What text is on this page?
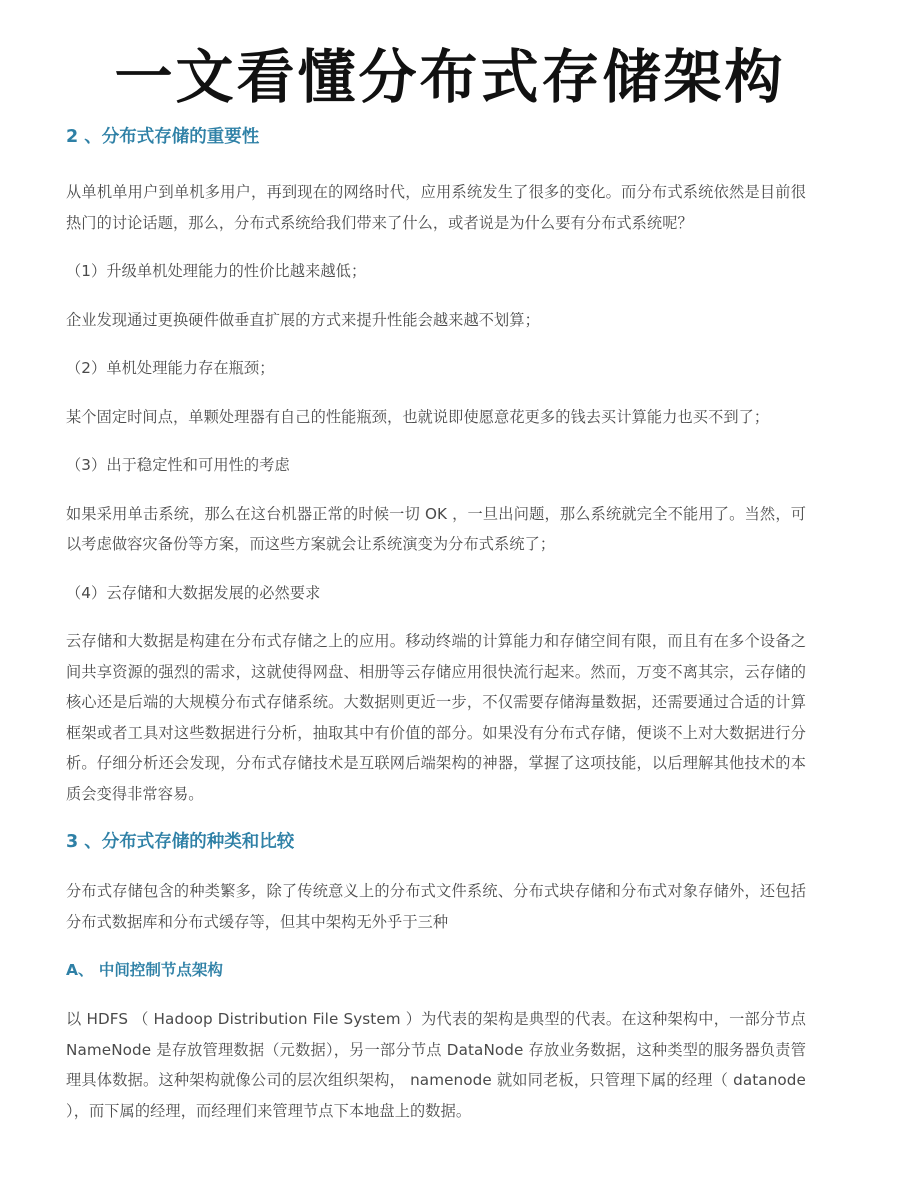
一文看懂分布式存储架构
2 、分布式存储的重要性

从单机单用户到单机多用户，再到现在的网络时代，应用系统发生了很多的变化。而分布式系统依然是目前很热门的讨论话题，那么，分布式系统给我们带来了什么，或者说是为什么要有分布式系统呢？

（1）升级单机处理能力的性价比越来越低；

企业发现通过更换硬件做垂直扩展的方式来提升性能会越来越不划算；

（2）单机处理能力存在瓶颈；

某个固定时间点，单颗处理器有自己的性能瓶颈，也就说即使愿意花更多的钱去买计算能力也买不到了；

（3）出于稳定性和可用性的考虑

如果采用单击系统，那么在这台机器正常的时候一切 OK ，一旦出问题，那么系统就完全不能用了。当然，可以考虑做容灾备份等方案，而这些方案就会让系统演变为分布式系统了；

（4）云存储和大数据发展的必然要求

云存储和大数据是构建在分布式存储之上的应用。移动终端的计算能力和存储空间有限，而且有在多个设备之间共享资源的强烈的需求，这就使得网盘、相册等云存储应用很快流行起来。然而，万变不离其宗，云存储的核心还是后端的大规模分布式存储系统。大数据则更近一步，不仅需要存储海量数据，还需要通过合适的计算框架或者工具对这些数据进行分析，抽取其中有价值的部分。如果没有分布式存储，便谈不上对大数据进行分析。仔细分析还会发现，分布式存储技术是互联网后端架构的神器，掌握了这项技能，以后理解其他技术的本质会变得非常容易。

3 、分布式存储的种类和比较

分布式存储包含的种类繁多，除了传统意义上的分布式文件系统、分布式块存储和分布式对象存储外，还包括分布式数据库和分布式缓存等，但其中架构无外乎于三种

A、 中间控制节点架构

以 HDFS （ Hadoop Distribution File System ）为代表的架构是典型的代表。在这种架构中，一部分节点 NameNode 是存放管理数据（元数据），另一部分节点 DataNode 存放业务数据，这种类型的服务器负责管理具体数据。这种架构就像公司的层次组织架构， namenode 就如同老板，只管理下属的经理（ datanode ），而下属的经理，而经理们来管理节点下本地盘上的数据。
